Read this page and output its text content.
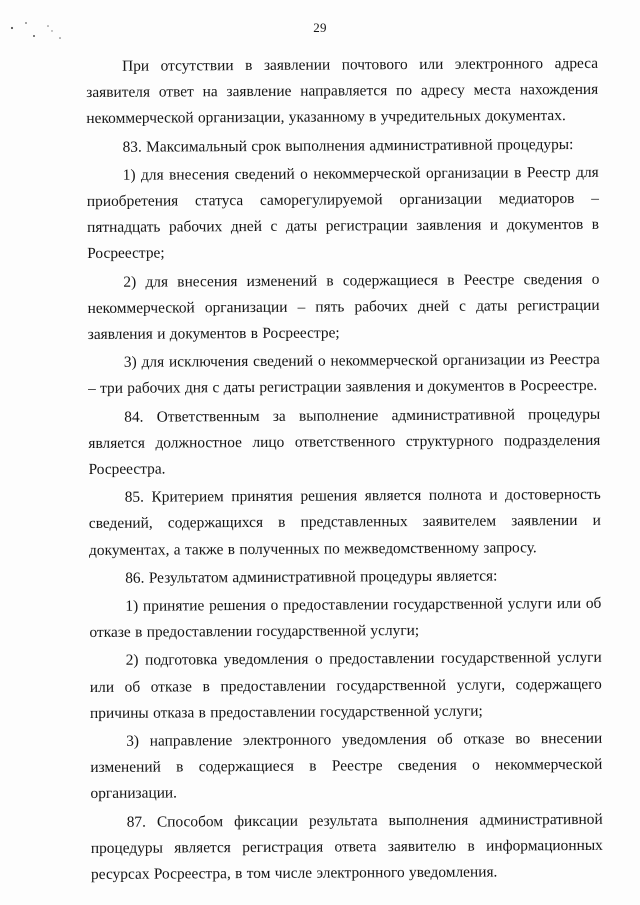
29

При отсутствии в заявлении почтового или электронного адреса заявителя ответ на заявление направляется по адресу места нахождения некоммерческой организации, указанному в учредительных документах.

83. Максимальный срок выполнения административной процедуры:

1) для внесения сведений о некоммерческой организации в Реестр для приобретения статуса саморегулируемой организации медиаторов – пятнадцать рабочих дней с даты регистрации заявления и документов в Росреестре;

2) для внесения изменений в содержащиеся в Реестре сведения о некоммерческой организации – пять рабочих дней с даты регистрации заявления и документов в Росреестре;

3) для исключения сведений о некоммерческой организации из Реестра – три рабочих дня с даты регистрации заявления и документов в Росреестре.

84. Ответственным за выполнение административной процедуры является должностное лицо ответственного структурного подразделения Росреестра.

85. Критерием принятия решения является полнота и достоверность сведений, содержащихся в представленных заявителем заявлении и документах, а также в полученных по межведомственному запросу.

86. Результатом административной процедуры является:

1) принятие решения о предоставлении государственной услуги или об отказе в предоставлении государственной услуги;

2) подготовка уведомления о предоставлении государственной услуги или об отказе в предоставлении государственной услуги, содержащего причины отказа в предоставлении государственной услуги;

3) направление электронного уведомления об отказе во внесении изменений в содержащиеся в Реестре сведения о некоммерческой организации.

87. Способом фиксации результата выполнения административной процедуры является регистрация ответа заявителю в информационных ресурсах Росреестра, в том числе электронного уведомления.
